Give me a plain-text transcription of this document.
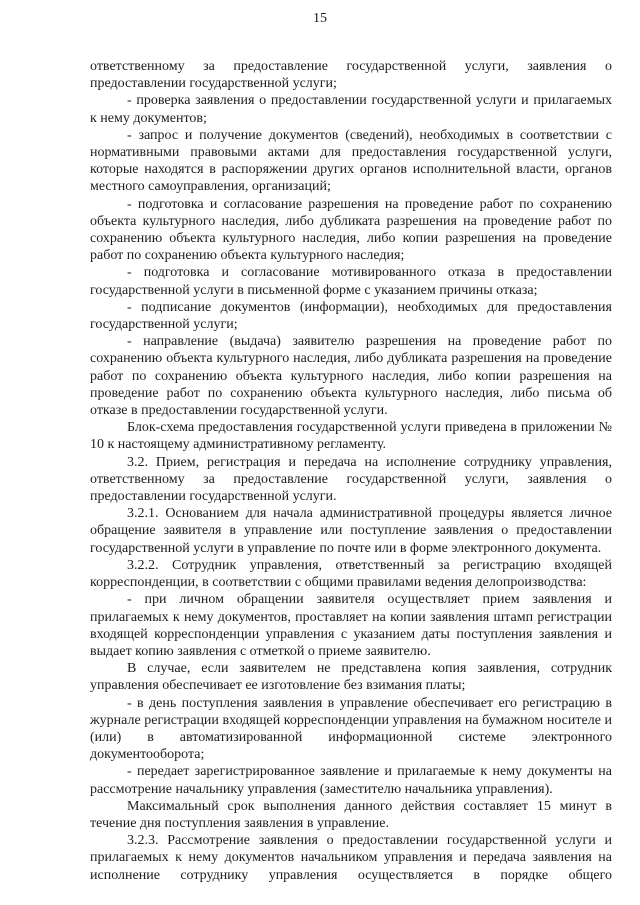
15

ответственному за предоставление государственной услуги, заявления о предоставлении государственной услуги;

- проверка заявления о предоставлении государственной услуги и прилагаемых к нему документов;

- запрос и получение документов (сведений), необходимых в соответствии с нормативными правовыми актами для предоставления государственной услуги, которые находятся в распоряжении других органов исполнительной власти, органов местного самоуправления, организаций;

- подготовка и согласование разрешения на проведение работ по сохранению объекта культурного наследия, либо дубликата разрешения на проведение работ по сохранению объекта культурного наследия, либо копии разрешения на проведение работ по сохранению объекта культурного наследия;

- подготовка и согласование мотивированного отказа в предоставлении государственной услуги в письменной форме с указанием причины отказа;

- подписание документов (информации), необходимых для предоставления государственной услуги;

- направление (выдача) заявителю разрешения на проведение работ по сохранению объекта культурного наследия, либо дубликата разрешения на проведение работ по сохранению объекта культурного наследия, либо копии разрешения на проведение работ по сохранению объекта культурного наследия, либо письма об отказе в предоставлении государственной услуги.

Блок-схема предоставления государственной услуги приведена в приложении № 10 к настоящему административному регламенту.

3.2. Прием, регистрация и передача на исполнение сотруднику управления, ответственному за предоставление государственной услуги, заявления о предоставлении государственной услуги.

3.2.1. Основанием для начала административной процедуры является личное обращение заявителя в управление или поступление заявления о предоставлении государственной услуги в управление по почте или в форме электронного документа.

3.2.2. Сотрудник управления, ответственный за регистрацию входящей корреспонденции, в соответствии с общими правилами ведения делопроизводства:

- при личном обращении заявителя осуществляет прием заявления и прилагаемых к нему документов, проставляет на копии заявления штамп регистрации входящей корреспонденции управления с указанием даты поступления заявления и выдает копию заявления с отметкой о приеме заявителю.

В случае, если заявителем не представлена копия заявления, сотрудник управления обеспечивает ее изготовление без взимания платы;

- в день поступления заявления в управление обеспечивает его регистрацию в журнале регистрации входящей корреспонденции управления на бумажном носителе и (или) в автоматизированной информационной системе электронного документооборота;

- передает зарегистрированное заявление и прилагаемые к нему документы на рассмотрение начальнику управления (заместителю начальника управления).

Максимальный срок выполнения данного действия составляет 15 минут в течение дня поступления заявления в управление.

3.2.3. Рассмотрение заявления о предоставлении государственной услуги и прилагаемых к нему документов начальником управления и передача заявления на исполнение сотруднику управления осуществляется в порядке общего
